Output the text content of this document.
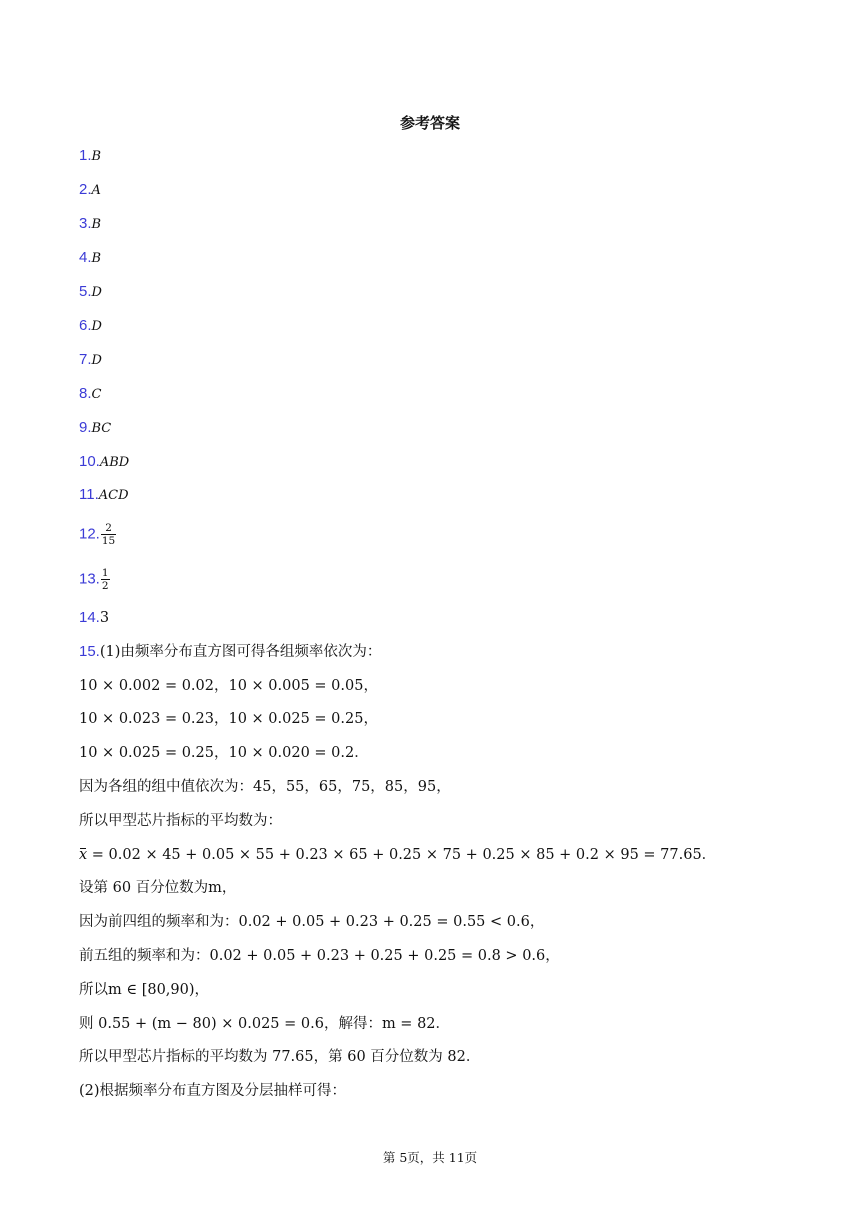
参考答案
1.B
2.A
3.B
4.B
5.D
6.D
7.D
8.C
9.BC
10.ABD
11.ACD
12. $\frac{2}{15}$
13. $\frac{1}{2}$
14.3
15.(1)由频率分布直方图可得各组频率依次为：
10 × 0.002 = 0.02，10 × 0.005 = 0.05，
10 × 0.023 = 0.23，10 × 0.025 = 0.25，
10 × 0.025 = 0.25，10 × 0.020 = 0.2．
因为各组的组中值依次为：45，55，65，75，85，95，
所以甲型芯片指标的平均数为：
x = 0.02 × 45 + 0.05 × 55 + 0.23 × 65 + 0.25 × 75 + 0.25 × 85 + 0.2 × 95 = 77.65．
设第 60 百分位数为m，
因为前四组的频率和为：0.02 + 0.05 + 0.23 + 0.25 = 0.55 < 0.6，
前五组的频率和为：0.02 + 0.05 + 0.23 + 0.25 + 0.25 = 0.8 > 0.6，
所以m ∈ [80,90)，
则 0.55 + (m − 80) × 0.025 = 0.6，解得：m = 82．
所以甲型芯片指标的平均数为 77.65，第 60 百分位数为 82．
(2)根据频率分布直方图及分层抽样可得：
第 5页，共 11页
